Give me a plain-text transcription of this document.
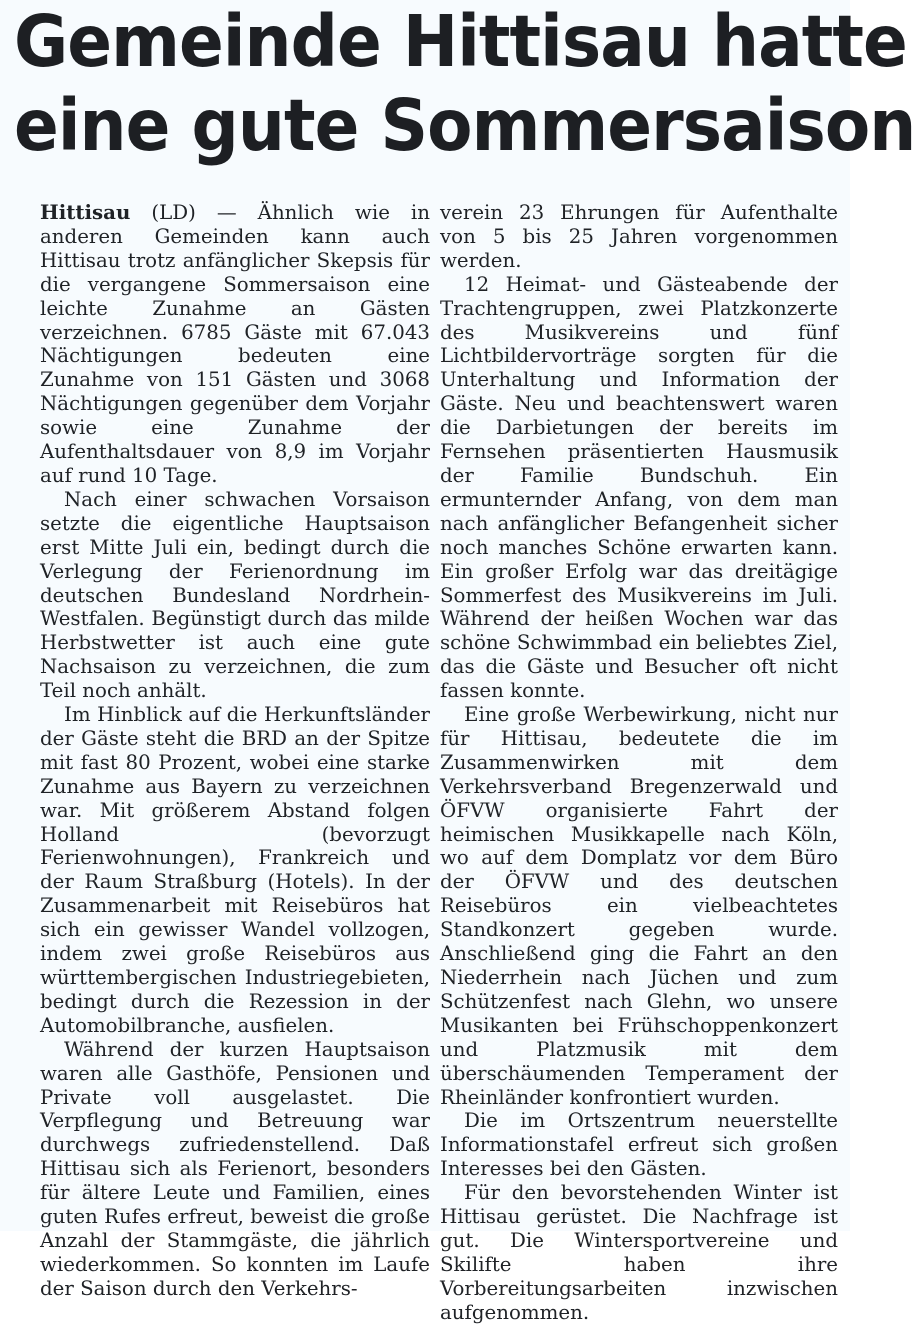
Gemeinde Hittisau hatte
eine gute Sommersaison

Hittisau (LD) — Ähnlich wie in anderen Gemeinden kann auch Hittisau trotz anfänglicher Skepsis für die vergangene Sommersaison eine leichte Zunahme an Gästen verzeichnen. 6785 Gäste mit 67.043 Nächtigungen bedeuten eine Zunahme von 151 Gästen und 3068 Nächtigungen gegenüber dem Vorjahr sowie eine Zunahme der Aufenthaltsdauer von 8,9 im Vorjahr auf rund 10 Tage.

Nach einer schwachen Vorsaison setzte die eigentliche Hauptsaison erst Mitte Juli ein, bedingt durch die Verlegung der Ferienordnung im deutschen Bundesland Nordrhein-Westfalen. Begünstigt durch das milde Herbstwetter ist auch eine gute Nachsaison zu verzeichnen, die zum Teil noch anhält.

Im Hinblick auf die Herkunftsländer der Gäste steht die BRD an der Spitze mit fast 80 Prozent, wobei eine starke Zunahme aus Bayern zu verzeichnen war. Mit größerem Abstand folgen Holland (bevorzugt Ferienwohnungen), Frankreich und der Raum Straßburg (Hotels). In der Zusammenarbeit mit Reisebüros hat sich ein gewisser Wandel vollzogen, indem zwei große Reisebüros aus württembergischen Industriegebieten, bedingt durch die Rezession in der Automobilbranche, ausfielen.

Während der kurzen Hauptsaison waren alle Gasthöfe, Pensionen und Private voll ausgelastet. Die Verpflegung und Betreuung war durchwegs zufriedenstellend. Daß Hittisau sich als Ferienort, besonders für ältere Leute und Familien, eines guten Rufes erfreut, beweist die große Anzahl der Stammgäste, die jährlich wiederkommen. So konnten im Laufe der Saison durch den Verkehrs-

verein 23 Ehrungen für Aufenthalte von 5 bis 25 Jahren vorgenommen werden.

12 Heimat- und Gästeabende der Trachtengruppen, zwei Platzkonzerte des Musikvereins und fünf Lichtbildervorträge sorgten für die Unterhaltung und Information der Gäste. Neu und beachtenswert waren die Darbietungen der bereits im Fernsehen präsentierten Hausmusik der Familie Bundschuh. Ein ermunternder Anfang, von dem man nach anfänglicher Befangenheit sicher noch manches Schöne erwarten kann. Ein großer Erfolg war das dreitägige Sommerfest des Musikvereins im Juli. Während der heißen Wochen war das schöne Schwimmbad ein beliebtes Ziel, das die Gäste und Besucher oft nicht fassen konnte.

Eine große Werbewirkung, nicht nur für Hittisau, bedeutete die im Zusammenwirken mit dem Verkehrsverband Bregenzerwald und ÖFVW organisierte Fahrt der heimischen Musikkapelle nach Köln, wo auf dem Domplatz vor dem Büro der ÖFVW und des deutschen Reisebüros ein vielbeachtetes Standkonzert gegeben wurde. Anschließend ging die Fahrt an den Niederrhein nach Jüchen und zum Schützenfest nach Glehn, wo unsere Musikanten bei Frühschoppenkonzert und Platzmusik mit dem überschäumenden Temperament der Rheinländer konfrontiert wurden.

Die im Ortszentrum neuerstellte Informationstafel erfreut sich großen Interesses bei den Gästen.

Für den bevorstehenden Winter ist Hittisau gerüstet. Die Nachfrage ist gut. Die Wintersportvereine und Skilifte haben ihre Vorbereitungsarbeiten inzwischen aufgenommen.
